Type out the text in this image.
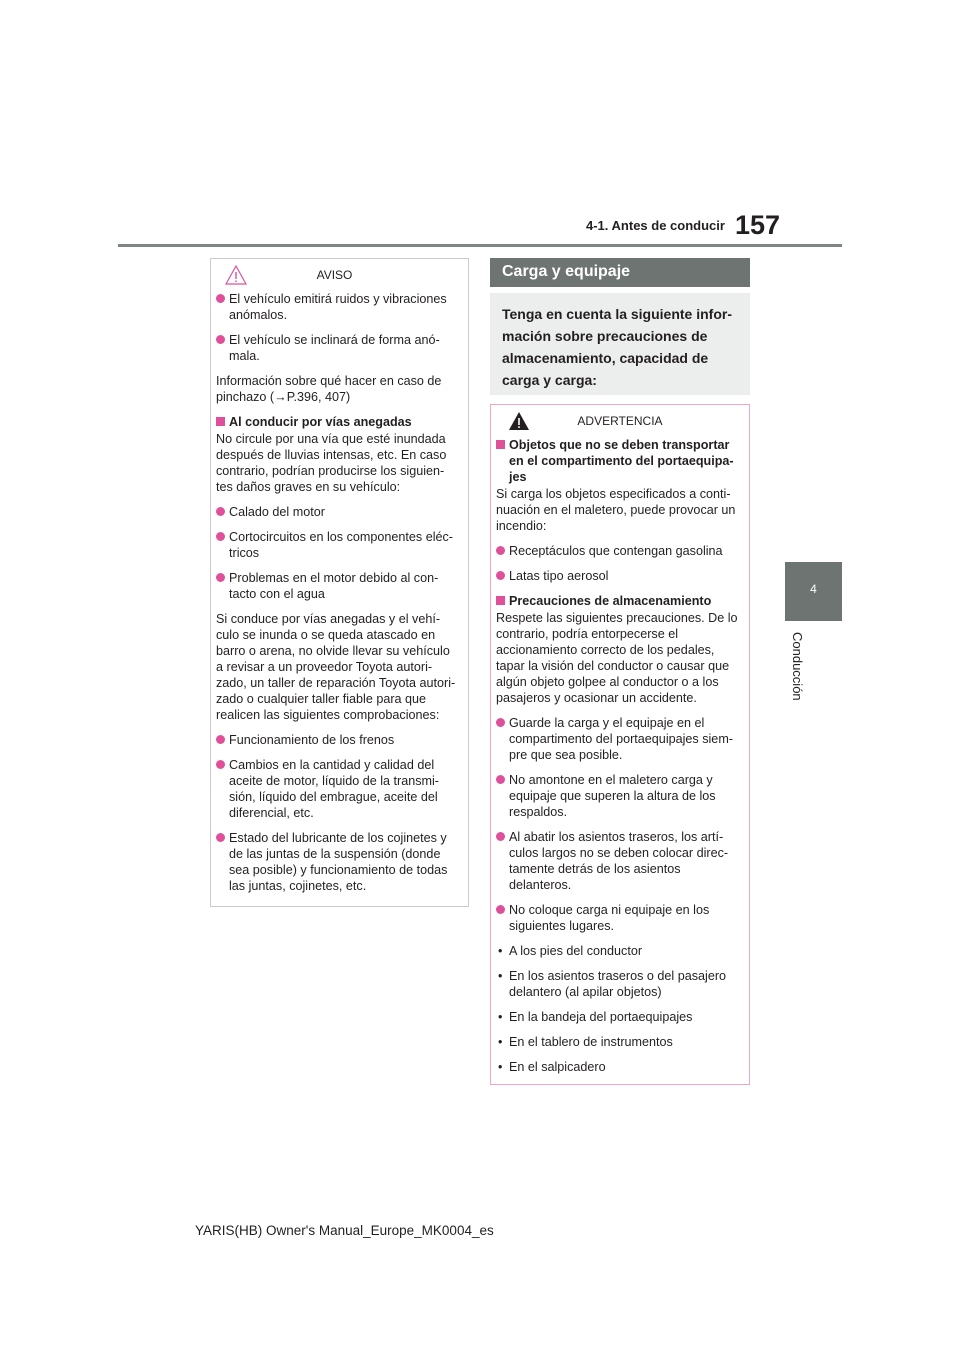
4-1. Antes de conducir 157
4
Conducción
AVISO
El vehículo emitirá ruidos y vibraciones anómalos.
El vehículo se inclinará de forma anó-mala.
Información sobre qué hacer en caso de pinchazo (→P.396, 407)
Al conducir por vías anegadas
No circule por una vía que esté inundada después de lluvias intensas, etc. En caso contrario, podrían producirse los siguien-tes daños graves en su vehículo:
Calado del motor
Cortocircuitos en los componentes eléc-tricos
Problemas en el motor debido al con-tacto con el agua
Si conduce por vías anegadas y el vehí-culo se inunda o se queda atascado en barro o arena, no olvide llevar su vehículo a revisar a un proveedor Toyota autori-zado, un taller de reparación Toyota autori-zado o cualquier taller fiable para que realicen las siguientes comprobaciones:
Funcionamiento de los frenos
Cambios en la cantidad y calidad del aceite de motor, líquido de la transmi-sión, líquido del embrague, aceite del diferencial, etc.
Estado del lubricante de los cojinetes y de las juntas de la suspensión (donde sea posible) y funcionamiento de todas las juntas, cojinetes, etc.
Carga y equipaje
Tenga en cuenta la siguiente infor-mación sobre precauciones de almacenamiento, capacidad de carga y carga:
ADVERTENCIA
Objetos que no se deben transportar en el compartimento del portaequipa-jes
Si carga los objetos especificados a conti-nuación en el maletero, puede provocar un incendio:
Receptáculos que contengan gasolina
Latas tipo aerosol
Precauciones de almacenamiento
Respete las siguientes precauciones. De lo contrario, podría entorpecerse el accionamiento correcto de los pedales, tapar la visión del conductor o causar que algún objeto golpee al conductor o a los pasajeros y ocasionar un accidente.
Guarde la carga y el equipaje en el compartimento del portaequipajes siem-pre que sea posible.
No amontone en el maletero carga y equipaje que superen la altura de los respaldos.
Al abatir los asientos traseros, los artí-culos largos no se deben colocar direc-tamente detrás de los asientos delanteros.
No coloque carga ni equipaje en los siguientes lugares.
• A los pies del conductor
• En los asientos traseros o del pasajero delantero (al apilar objetos)
• En la bandeja del portaequipajes
• En el tablero de instrumentos
• En el salpicadero
YARIS(HB) Owner's Manual_Europe_MK0004_es
